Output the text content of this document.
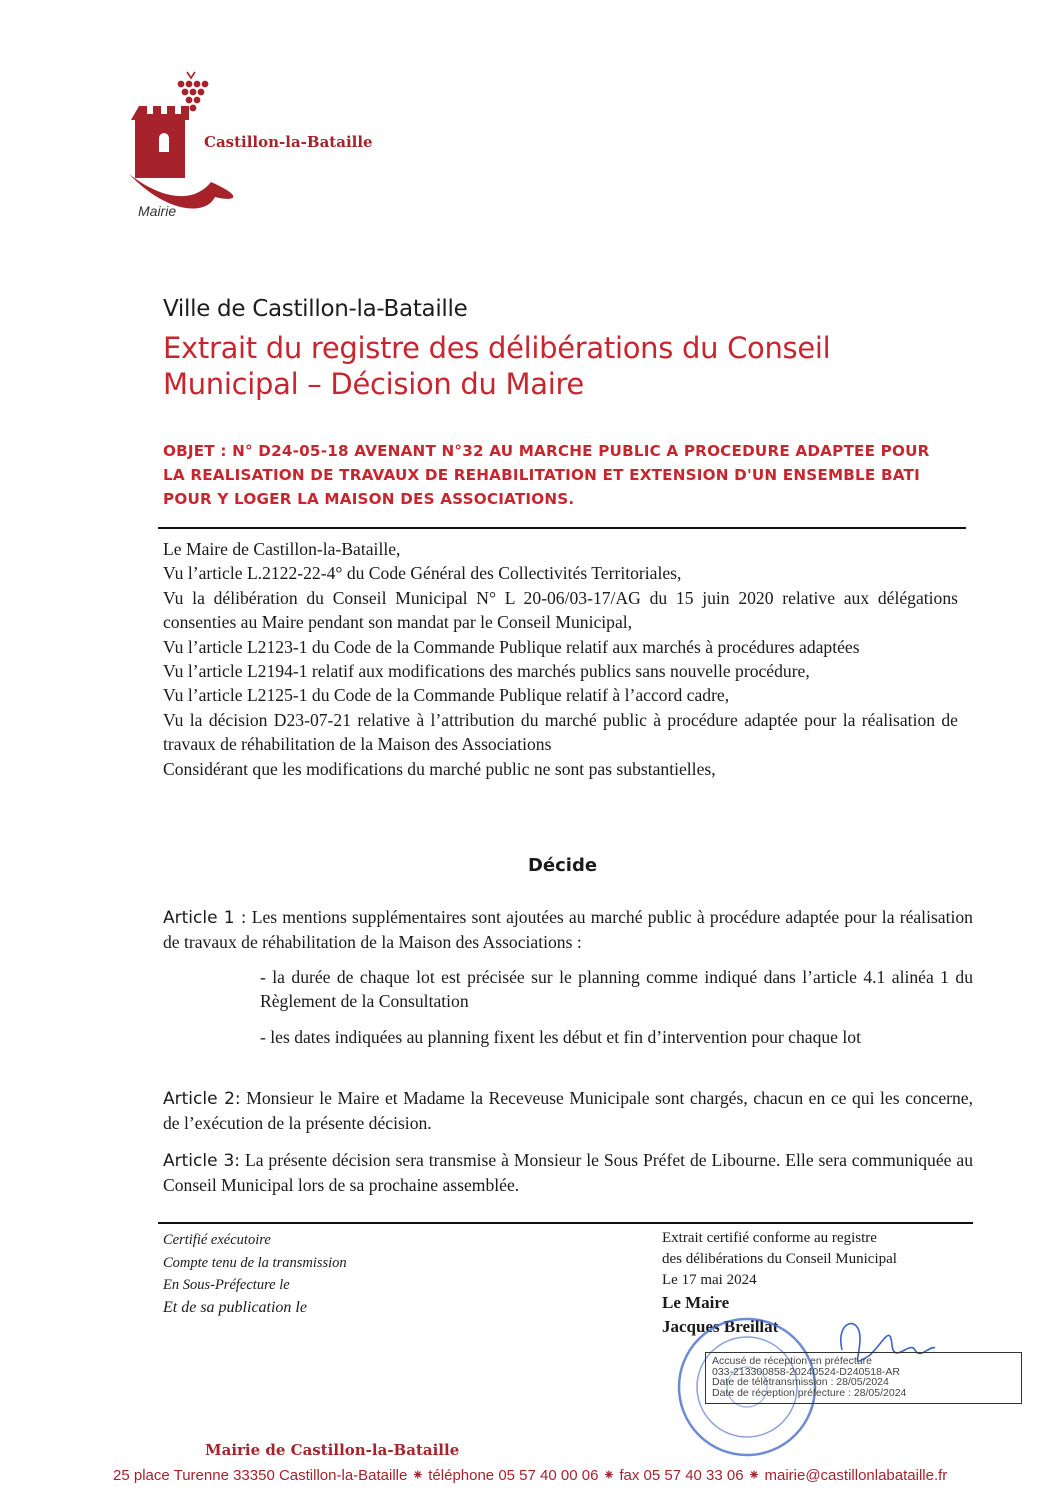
Castillon-la-Bataille
Mairie
Ville de Castillon-la-Bataille
Extrait du registre des délibérations du Conseil
Municipal – Décision du Maire
OBJET : N° D24-05-18 AVENANT N°32 AU MARCHE PUBLIC A PROCEDURE ADAPTEE POUR
LA REALISATION DE TRAVAUX DE REHABILITATION ET EXTENSION D'UN ENSEMBLE BATI
POUR Y LOGER LA MAISON DES ASSOCIATIONS.

Le Maire de Castillon-la-Bataille,

Vu l’article L.2122-22-4° du Code Général des Collectivités Territoriales,

Vu la délibération du Conseil Municipal N° L 20-06/03-17/AG du 15 juin 2020 relative aux délégations consenties au Maire pendant son mandat par le Conseil Municipal,

Vu l’article L2123-1 du Code de la Commande Publique relatif aux marchés à procédures adaptées

Vu l’article L2194-1 relatif aux modifications des marchés publics sans nouvelle procédure,

Vu l’article L2125-1 du Code de la Commande Publique relatif à l’accord cadre,

Vu la décision D23-07-21 relative à l’attribution du marché public à procédure adaptée pour la réalisation de travaux de réhabilitation de la Maison des Associations

Considérant que les modifications du marché public ne sont pas substantielles,

Décide

Article 1 : Les mentions supplémentaires sont ajoutées au marché public à procédure adaptée pour la réalisation de travaux de réhabilitation de la Maison des Associations :

- la durée de chaque lot est précisée sur le planning comme indiqué dans l’article 4.1 alinéa 1 du Règlement de la Consultation
- les dates indiquées au planning fixent les début et fin d’intervention pour chaque lot

Article 2: Monsieur le Maire et Madame la Receveuse Municipale sont chargés, chacun en ce qui les concerne, de l’exécution de la présente décision.

Article 3: La présente décision sera transmise à Monsieur le Sous Préfet de Libourne. Elle sera communiquée au Conseil Municipal lors de sa prochaine assemblée.

Certifié exécutoire
Compte tenu de la transmission
En Sous-Préfecture le
Et de sa publication le
Extrait certifié conforme au registre
des délibérations du Conseil Municipal
Le 17 mai 2024
Le Maire
Jacques Breillat
Accusé de réception en préfecture
033-213300858-20240524-D240518-AR
Date de télétransmission : 28/05/2024
Date de réception préfecture : 28/05/2024
Mairie de Castillon-la-Bataille
25 place Turenne 33350 Castillon-la-Bataille ⁕ téléphone 05 57 40 00 06 ⁕ fax 05 57 40 33 06 ⁕ mairie@castillonlabataille.fr
